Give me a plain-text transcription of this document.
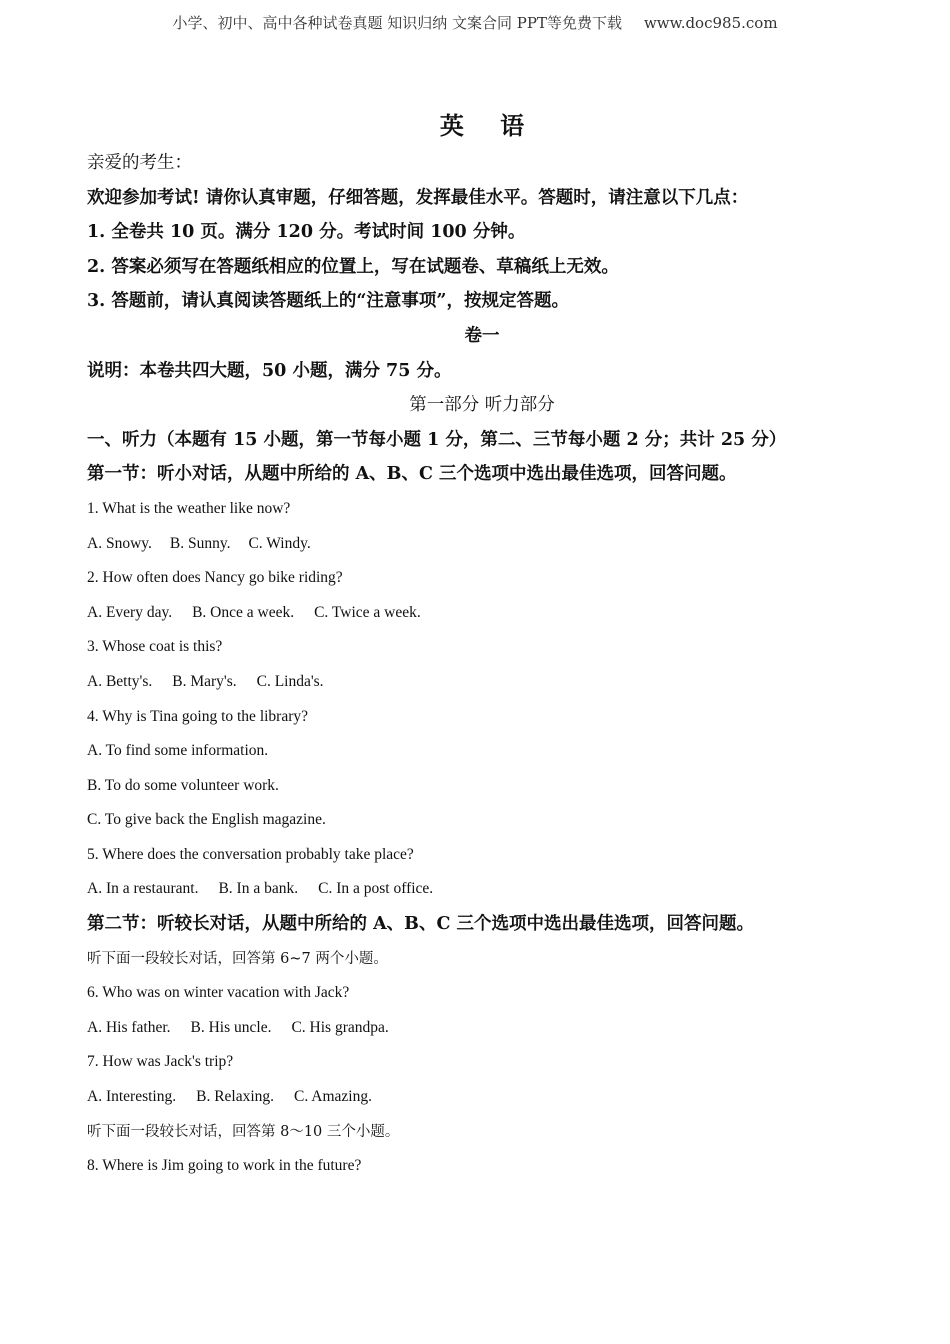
小学、初中、高中各种试卷真题 知识归纳 文案合同 PPT等免费下载 www.doc985.com
英 语
亲爱的考生：
欢迎参加考试! 请你认真审题，仔细答题，发挥最佳水平。答题时，请注意以下几点：
1. 全卷共 10 页。满分 120 分。考试时间 100 分钟。
2. 答案必须写在答题纸相应的位置上，写在试题卷、草稿纸上无效。
3. 答题前，请认真阅读答题纸上的“注意事项”，按规定答题。
卷一
说明：本卷共四大题，50 小题，满分 75 分。
第一部分 听力部分
一、听力（本题有 15 小题，第一节每小题 1 分，第二、三节每小题 2 分；共计 25 分）
第一节：听小对话，从题中所给的 A、B、C 三个选项中选出最佳选项，回答问题。
1. What is the weather like now?
A. Snowy. B. Sunny. C. Windy.
2. How often does Nancy go bike riding?
A. Every day. B. Once a week. C. Twice a week.
3. Whose coat is this?
A. Betty's. B. Mary's. C. Linda's.
4. Why is Tina going to the library?
A. To find some information.
B. To do some volunteer work.
C. To give back the English magazine.
5. Where does the conversation probably take place?
A. In a restaurant. B. In a bank. C. In a post office.
第二节：听较长对话，从题中所给的 A、B、C 三个选项中选出最佳选项，回答问题。
听下面一段较长对话，回答第 6~7 两个小题。
6. Who was on winter vacation with Jack?
A. His father. B. His uncle. C. His grandpa.
7. How was Jack's trip?
A. Interesting. B. Relaxing. C. Amazing.
听下面一段较长对话，回答第 8～10 三个小题。
8. Where is Jim going to work in the future?
